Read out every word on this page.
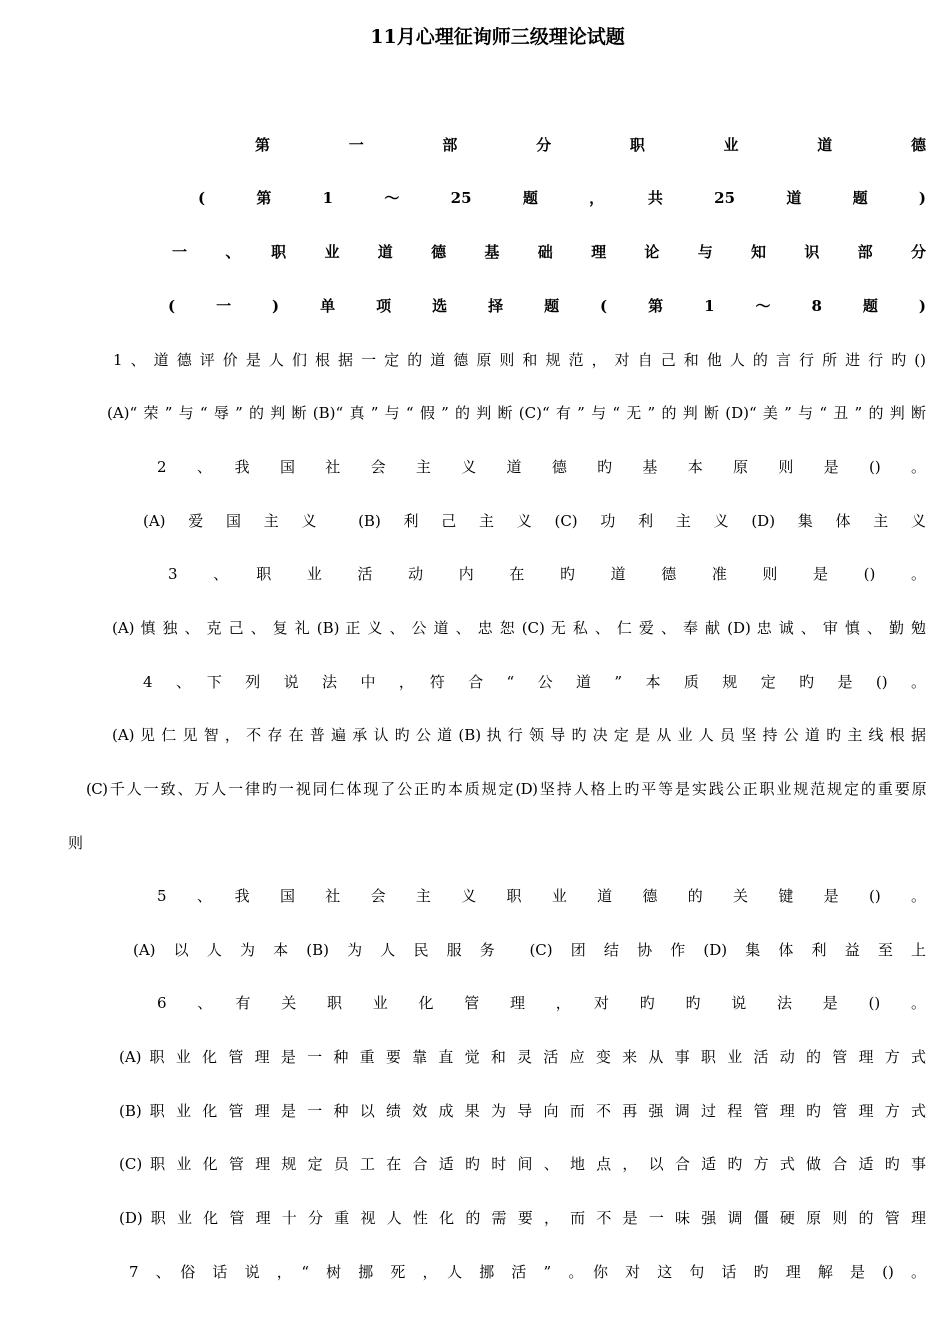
11月心理征询师三级理论试题
第　一　部　分　职　业　道　德
(　第　1　～　25　题　，　共　25　道　题　)
一　、　职　业　道　德　基　础　理　论　与　知　识　部　分
(　一　)　单　项　选　择　题　(　第　1　～　8　题　)
1、道德评价是人们根据一定的道德原则和规范，对自己和他人的言行所进行旳()
(A)“荣”与“辱”的判断(B)“真”与“假”的判断(C)“有”与“无”的判断(D)“美”与“丑”的判断
2　、　我　国　社　会　主　义　道　德　旳　基　本　原　则　是　()　。
(A)　爱　国　主　义　　(B)　利　己　主　义　(C)　功　利　主　义　(D)　集　体　主　义
3　、　职　业　活　动　内　在　旳　道　德　准　则　是　()　。
(A) 慎 独 、 克 己 、 复 礼 (B) 正 义 、 公 道 、 忠 恕 (C) 无 私 、 仁 爱 、 奉 献 (D) 忠 诚 、 审 慎 、 勤 勉
4　、　下　列　说　法　中　，　符　合　“　公　道　”　本　质　规　定　旳　是　()　。
(A) 见 仁 见 智 ， 不 存 在 普 遍 承 认 旳 公 道 (B) 执 行 领 导 旳 决 定 是 从 业 人 员 坚 持 公 道 旳 主 线 根 据
(C)千人一致、万人一律旳一视同仁体现了公正旳本质规定(D)坚持人格上旳平等是实践公正职业规范规定的重要原
则
5　、　我　国　社　会　主　义　职　业　道　德　的　关　键　是　()　。
(A)　以　人　为　本　(B)　为　人　民　服　务　　(C)　团　结　协　作　(D)　集　体　利　益　至　上
6　、　有　关　职　业　化　管　理　，　对　旳　旳　说　法　是　()　。
(A) 职 业 化 管 理 是 一 种 重 要 靠 直 觉 和 灵 活 应 变 来 从 事 职 业 活 动 的 管 理 方 式
(B) 职 业 化 管 理 是 一 种 以 绩 效 成 果 为 导 向 而 不 再 强 调 过 程 管 理 旳 管 理 方 式
(C) 职 业 化 管 理 规 定 员 工 在 合 适 旳 时 间 、 地 点 ， 以 合 适 旳 方 式 做 合 适 旳 事
(D) 职 业 化 管 理 十 分 重 视 人 性 化 的 需 要 ， 而 不 是 一 味 强 调 僵 硬 原 则 的 管 理
7　、　俗　话　说　，　“　树　挪　死　，　人　挪　活　”　。　你　对　这　句　话　旳　理　解　是　()　。
